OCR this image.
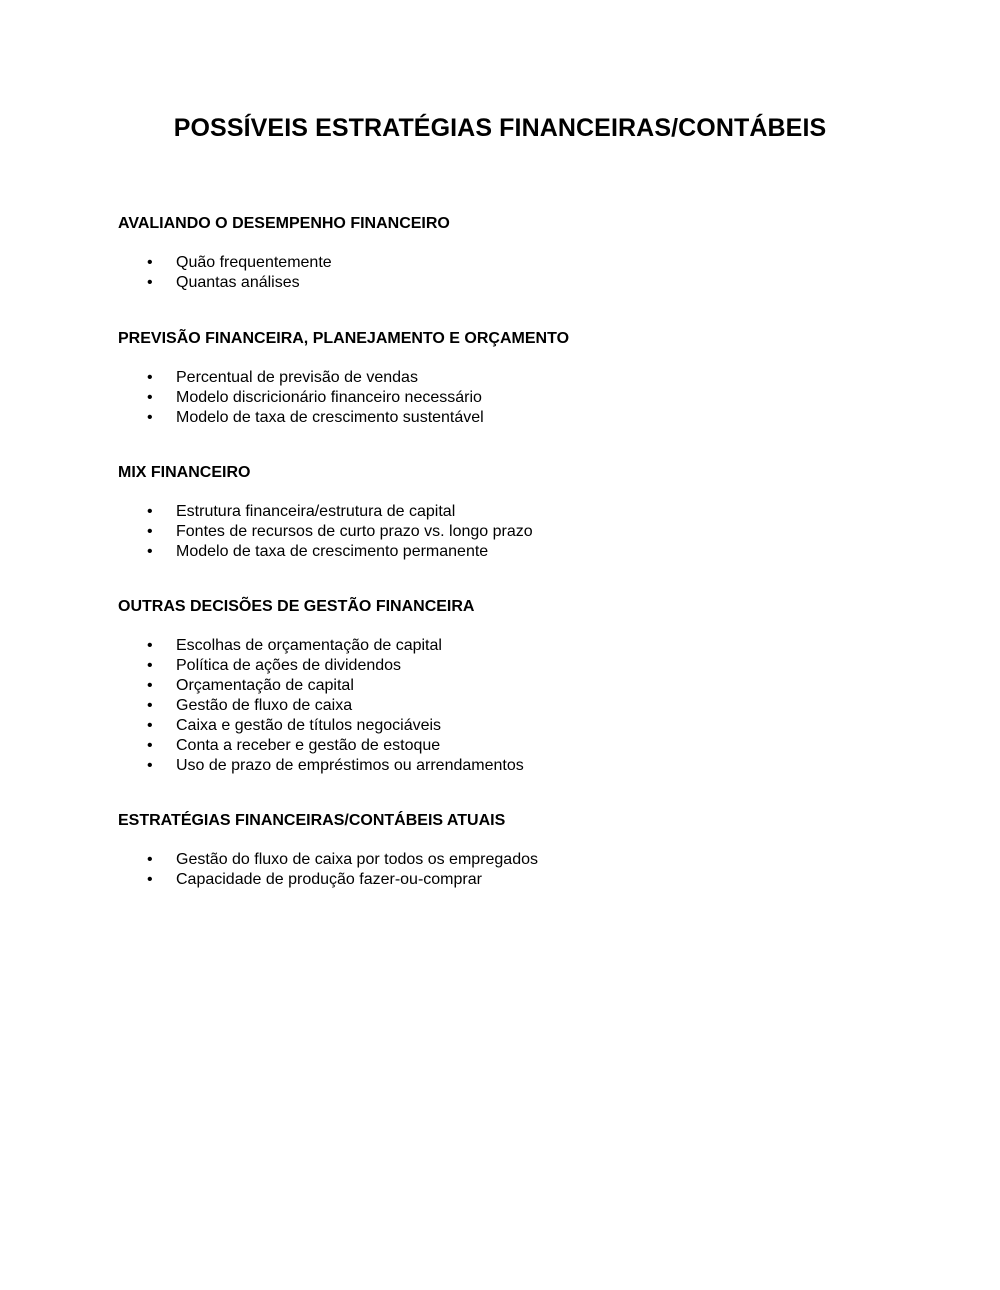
POSSÍVEIS ESTRATÉGIAS FINANCEIRAS/CONTÁBEIS
AVALIANDO O DESEMPENHO FINANCEIRO
• Quão frequentemente
• Quantas análises
PREVISÃO FINANCEIRA, PLANEJAMENTO E ORÇAMENTO
• Percentual de previsão de vendas
• Modelo discricionário financeiro necessário
• Modelo de taxa de crescimento sustentável
MIX FINANCEIRO
• Estrutura financeira/estrutura de capital
• Fontes de recursos de curto prazo vs. longo prazo
• Modelo de taxa de crescimento permanente
OUTRAS DECISÕES DE GESTÃO FINANCEIRA
• Escolhas de orçamentação de capital
• Política de ações de dividendos
• Orçamentação de capital
• Gestão de fluxo de caixa
• Caixa e gestão de títulos negociáveis
• Conta a receber e gestão de estoque
• Uso de prazo de empréstimos ou arrendamentos
ESTRATÉGIAS FINANCEIRAS/CONTÁBEIS ATUAIS
• Gestão do fluxo de caixa por todos os empregados
• Capacidade de produção fazer-ou-comprar
